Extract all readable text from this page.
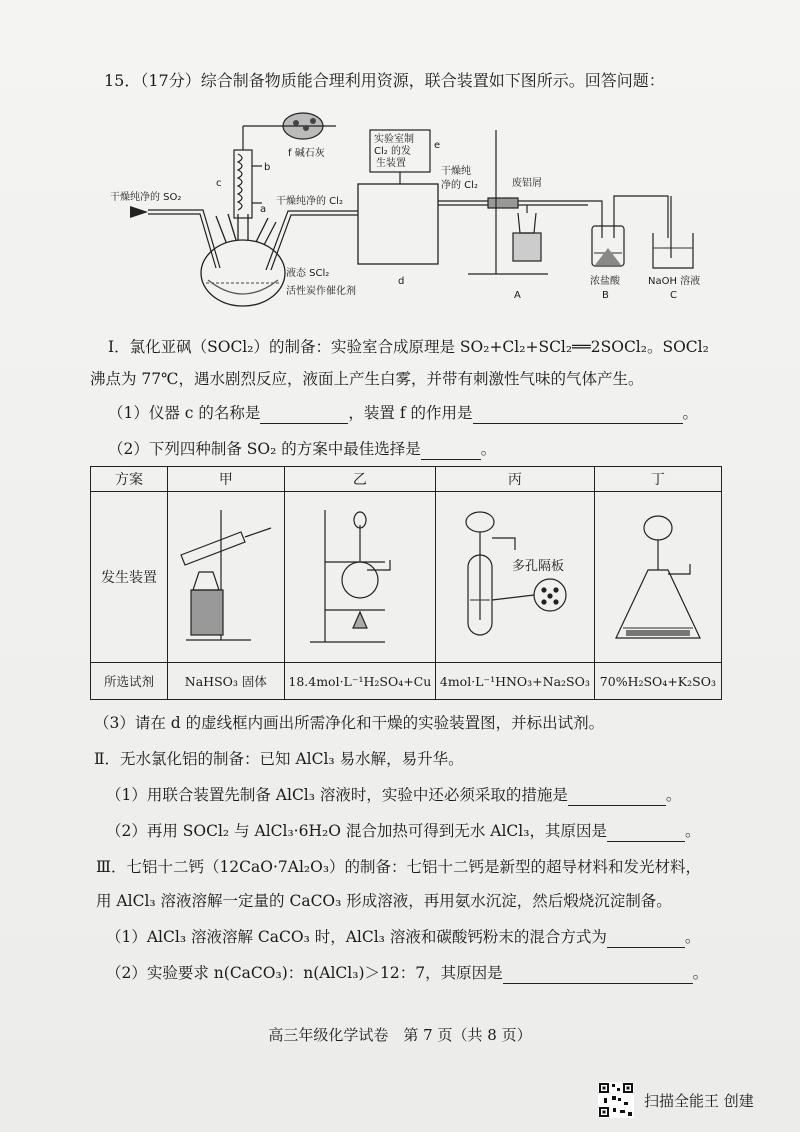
15．（17分）综合制备物质能合理利用资源，联合装置如下图所示。回答问题：
f 碱石灰
b
c
a
e
d
干燥纯净的 SO₂	干燥纯净的 Cl₂
干燥纯
净的 Cl₂
实验室制
Cl₂ 的发
生装置
废铝屑
液态 SCl₂
活性炭作催化剂	A
浓盐酸
B
NaOH 溶液
C
Ⅰ．氯化亚砜（SOCl₂）的制备：实验室合成原理是 SO₂+Cl₂+SCl₂══2SOCl₂。SOCl₂
沸点为 77℃，遇水剧烈反应，液面上产生白雾，并带有刺激性气味的气体产生。
（1）仪器 c 的名称是	，装置 f 的作用是	。
（2）下列四种制备 SO₂ 的方案中最佳选择是	。
方案	甲	乙	丙	丁
发生装置			多孔隔板

所选试剂	NaHSO₃ 固体	18.4mol·L⁻¹H₂SO₄+Cu	4mol·L⁻¹HNO₃+Na₂SO₃	70%H₂SO₄+K₂SO₃
（3）请在 d 的虚线框内画出所需净化和干燥的实验装置图，并标出试剂。
Ⅱ．无水氯化铝的制备：已知 AlCl₃ 易水解，易升华。
（1）用联合装置先制备 AlCl₃ 溶液时，实验中还必须采取的措施是	。
（2）再用 SOCl₂ 与 AlCl₃·6H₂O 混合加热可得到无水 AlCl₃，其原因是	。
Ⅲ．七铝十二钙（12CaO·7Al₂O₃）的制备：七铝十二钙是新型的超导材料和发光材料，
用 AlCl₃ 溶液溶解一定量的 CaCO₃ 形成溶液，再用氨水沉淀，然后煅烧沉淀制备。
（1）AlCl₃ 溶液溶解 CaCO₃ 时，AlCl₃ 溶液和碳酸钙粉末的混合方式为	。
（2）实验要求 n(CaCO₃)：n(AlCl₃)＞12：7，其原因是	。
高三年级化学试卷　第 7 页（共 8 页）
扫描全能王 创建
